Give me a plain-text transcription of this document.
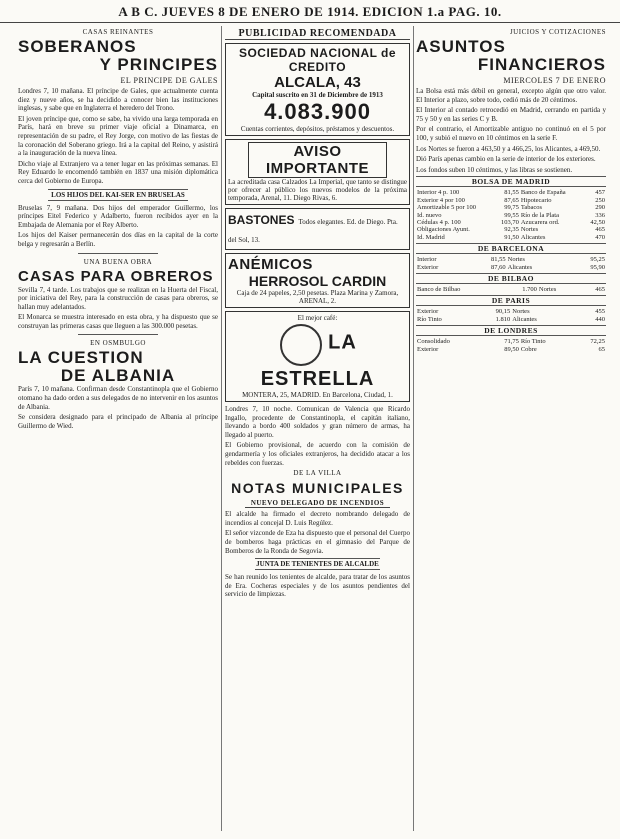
A B C. JUEVES 8 DE ENERO DE 1914. EDICION 1.a PAG. 10.
CASAS REINANTES
SOBERANOS
Y PRINCIPES
EL PRINCIPE DE GALES

Londres 7, 10 mañana. El príncipe de Gales, que actualmente cuenta diez y nueve años, se ha decidido a conocer bien las instituciones inglesas, y sabe que en Inglaterra el heredero del Trono.

El joven príncipe que, como se sabe, ha vivido una larga temporada en París, hará en breve su primer viaje oficial a Dinamarca, en representación de su padre, el Rey Jorge, con motivo de las fiestas de la coronación del Soberano griego. Irá a la capital del Reino, y asistirá a la inauguración de la nueva línea.

Dicho viaje al Extranjero va a tener lugar en las próximas semanas. El Rey Eduardo le encomendó también en 1837 una misión diplomática cerca del Gobierno de Europa.

LOS HIJOS DEL KAI-SER EN BRUSELAS

Bruselas 7, 9 mañana. Dos hijos del emperador Guillermo, los príncipes Eitel Federico y Adalberto, fueron recibidos ayer en la Embajada de Alemania por el Rey Alberto.

Los hijos del Kaiser permanecerán dos días en la capital de la corte belga y regresarán a Berlín.

UNA BUENA OBRA
CASAS PARA OBREROS

Sevilla 7, 4 tarde. Los trabajos que se realizan en la Huerta del Fiscal, por iniciativa del Rey, para la construcción de casas para obreros, se hallan muy adelantados.

El Monarca se muestra interesado en esta obra, y ha dispuesto que se construyan las primeras casas que lleguen a las 300.000 pesetas.

EN OSMBULGO
LA CUESTION
DE ALBANIA

París 7, 10 mañana. Confirman desde Constantinopla que el Gobierno otomano ha dado orden a sus delegados de no intervenir en los asuntos de Albania.

Se considera designado para el principado de Albania al príncipe Guillermo de Wied.

PUBLICIDAD RECOMENDADA
SOCIEDAD NACIONAL de CREDITO
ALCALA, 43
Capital suscrito en 31 de Diciembre de 1913
4.083.900
Cuentas corrientes, depósitos, préstamos y descuentos.
AVISO IMPORTANTE
La acreditada casa Calzados La Imperial, que tanto se distingue por ofrecer al público los nuevos modelos de la próxima temporada, Arenal, 11. Diego Rivas, 6.
BASTONES Todos elegantes. Ed. de Diego. Pta. del Sol, 13.
ANÉMICOS
HERROSOL CARDIN
Caja de 24 papeles, 2,50 pesetas. Plaza Marina y Zamora, ARENAL, 2.
El mejor café:
LA ESTRELLA
MONTERA, 25, MADRID. En Barcelona, Ciudad, 1.

Londres 7, 10 noche. Comunican de Valencia que Ricardo Ingallo, procedente de Constantinopla, el capitán italiano, llevando a bordo 400 soldados y gran número de armas, ha llegado al puerto.

El Gobierno provisional, de acuerdo con la comisión de gendarmería y los oficiales extranjeros, ha decidido atacar a los rebeldes con fuerzas.

DE LA VILLA
NOTAS MUNICIPALES
NUEVO DELEGADO DE INCENDIOS

El alcalde ha firmado el decreto nombrando delegado de incendios al concejal D. Luis Regúlez.

El señor vizconde de Eza ha dispuesto que el personal del Cuerpo de bomberos haga prácticas en el gimnasio del Parque de Bomberos de la Ronda de Segovia.

JUNTA DE TENIENTES DE ALCALDE

Se han reunido los tenientes de alcalde, para tratar de los asuntos de Era. Cocheras especiales y de los asuntos pendientes del servicio de limpiezas.

JUICIOS Y COTIZACIONES
ASUNTOS
FINANCIEROS
MIERCOLES 7 DE ENERO

La Bolsa está más débil en general, excepto algún que otro valor. El Interior a plazo, sobre todo, cedió más de 20 céntimos.

El Interior al contado retrocedió en Madrid, cerrando en partida y 75 y 50 y en las series C y B.

Por el contrario, el Amortizable antiguo no continuó en el 5 por 100, y subió el nuevo en 10 céntimos en la serie F.

Los Nortes se fueron a 463,50 y a 466,25, los Alicantes, a 469,50.

Dió París apenas cambio en la serie de interior de los exteriores.

Los fondos suben 10 céntimos, y las libras se sostienen.

BOLSA DE MADRID
Interior 4 p. 100	81,55	Banco de España	457
Exterior 4 por 100	87,65	Hipotecario	250
Amortizable 5 por 100	99,75	Tabacos	290
Id. nuevo	99,55	Río de la Plata	336
Cédulas 4 p. 100	103,70	Azucarera ord.	42,50
Obligaciones Ayunt.	92,35	Nortes	465
Id. Madrid	91,50	Alicantes	470
DE BARCELONA
Interior	81,55	Nortes	95,25
Exterior	87,60	Alicantes	95,90
DE BILBAO
Banco de Bilbao	1.700	Nortes	465
DE PARIS
Exterior	90,15	Nortes	455
Río Tinto	1.810	Alicantes	440
DE LONDRES
Consolidado	71,75	Río Tinto	72,25
Exterior	89,50	Cobre	65
